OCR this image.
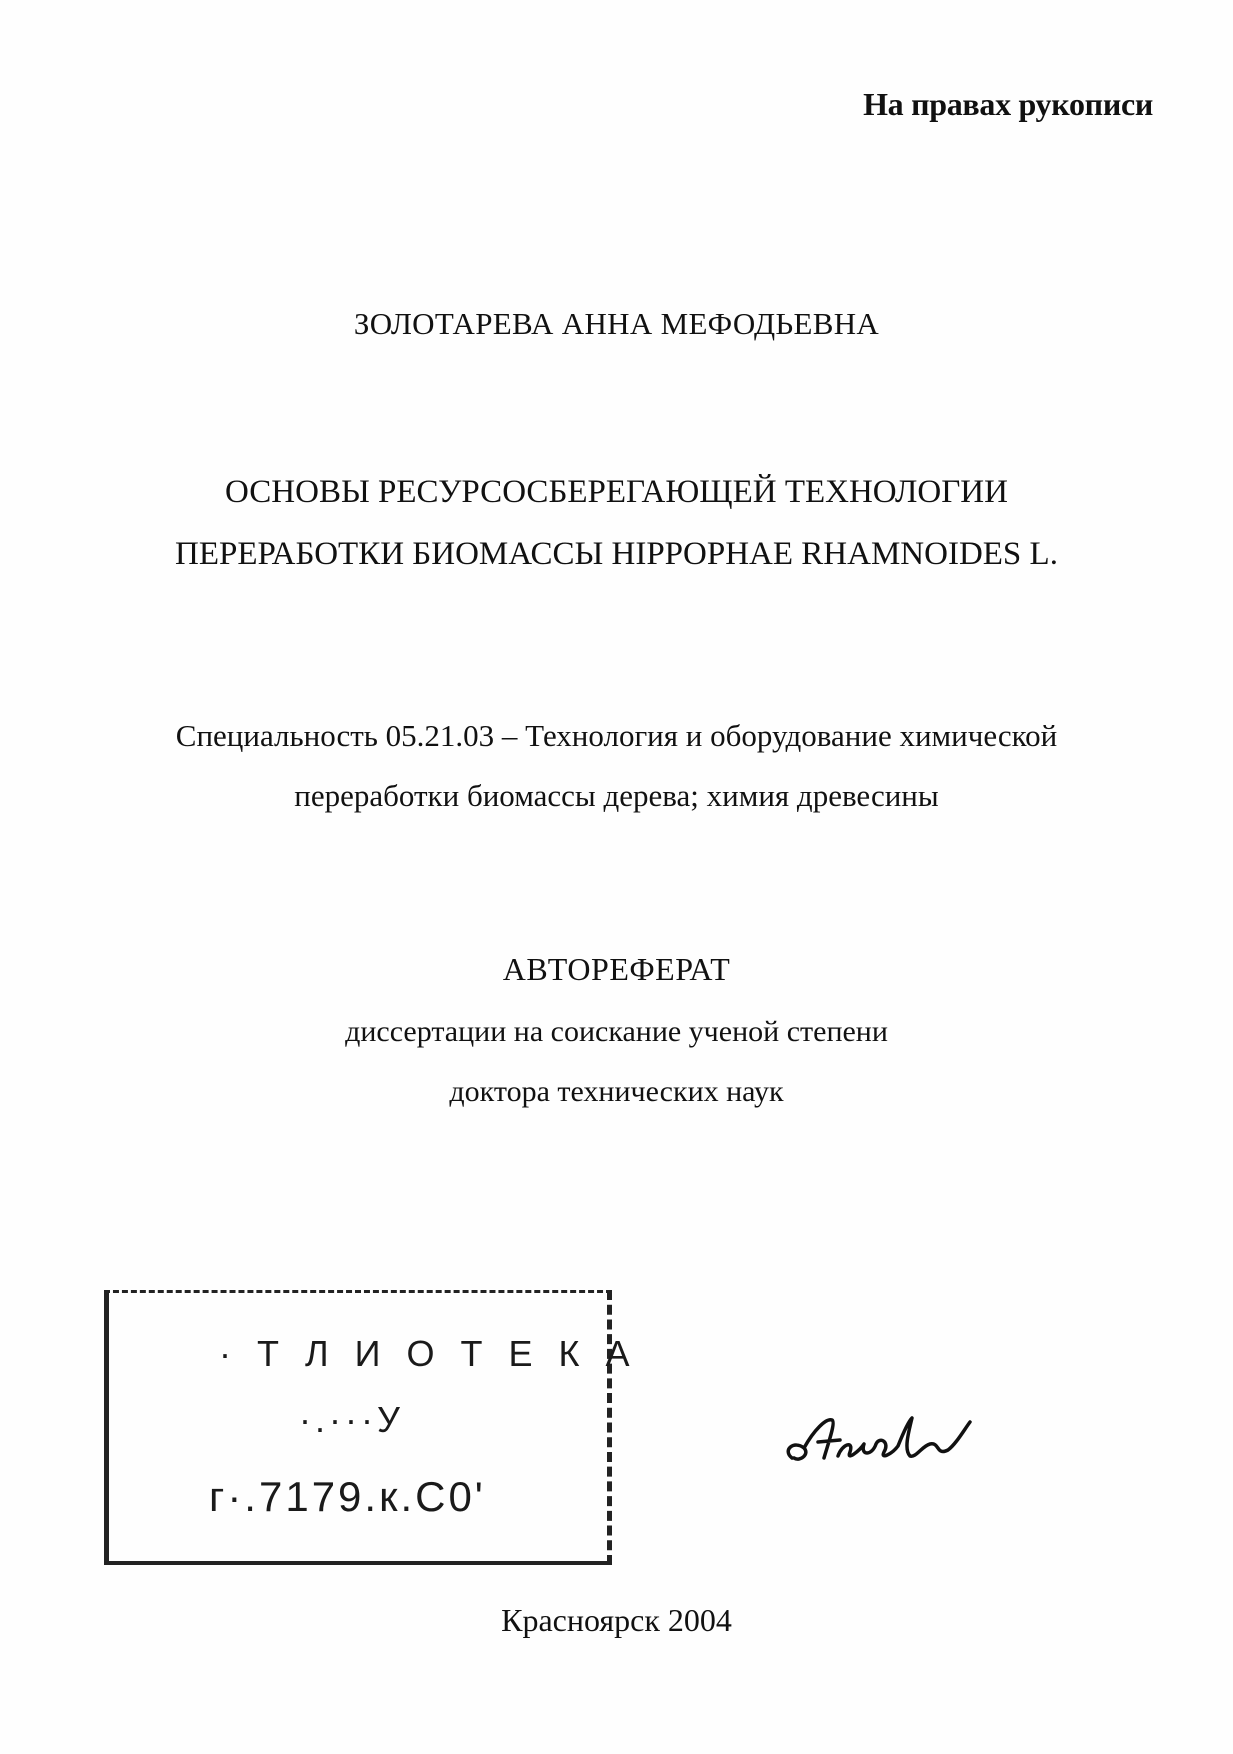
На правах рукописи
ЗОЛОТАРЕВА АННА МЕФОДЬЕВНА
ОСНОВЫ РЕСУРСОСБЕРЕГАЮЩЕЙ ТЕХНОЛОГИИ
ПЕРЕРАБОТКИ БИОМАССЫ HIPPOPHAE RHAMNOIDES L.
Специальность 05.21.03 – Технология и оборудование химической
переработки биомассы дерева; химия древесины
АВТОРЕФЕРАТ
диссертации на соискание ученой степени
доктора технических наук
· Т Л И О Т Е К А
·.···У
г·.7179.к.С0'
Красноярск 2004
